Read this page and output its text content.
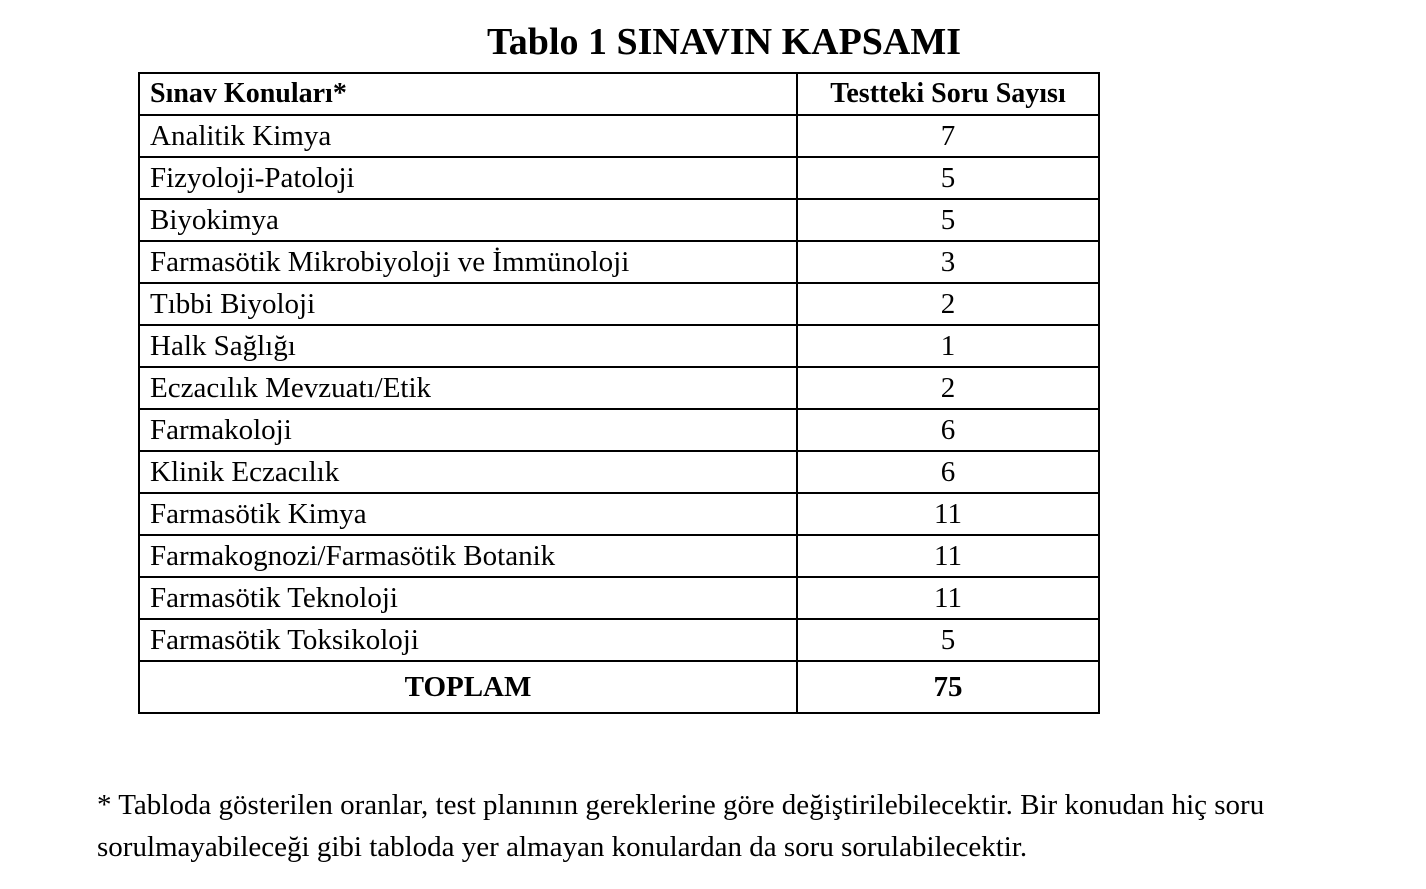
Tablo 1 SINAVIN KAPSAMI
Sınav Konuları*	Testteki Soru Sayısı
Analitik Kimya	7
Fizyoloji-Patoloji	5
Biyokimya	5
Farmasötik Mikrobiyoloji ve İmmünoloji	3
Tıbbi Biyoloji	2
Halk Sağlığı	1
Eczacılık Mevzuatı/Etik	2
Farmakoloji	6
Klinik Eczacılık	6
Farmasötik Kimya	11
Farmakognozi/Farmasötik Botanik	11
Farmasötik Teknoloji	11
Farmasötik Toksikoloji	5
TOPLAM	75
* Tabloda gösterilen oranlar, test planının gereklerine göre değiştirilebilecektir. Bir konudan hiç soru
sorulmayabileceği gibi tabloda yer almayan konulardan da soru sorulabilecektir.
